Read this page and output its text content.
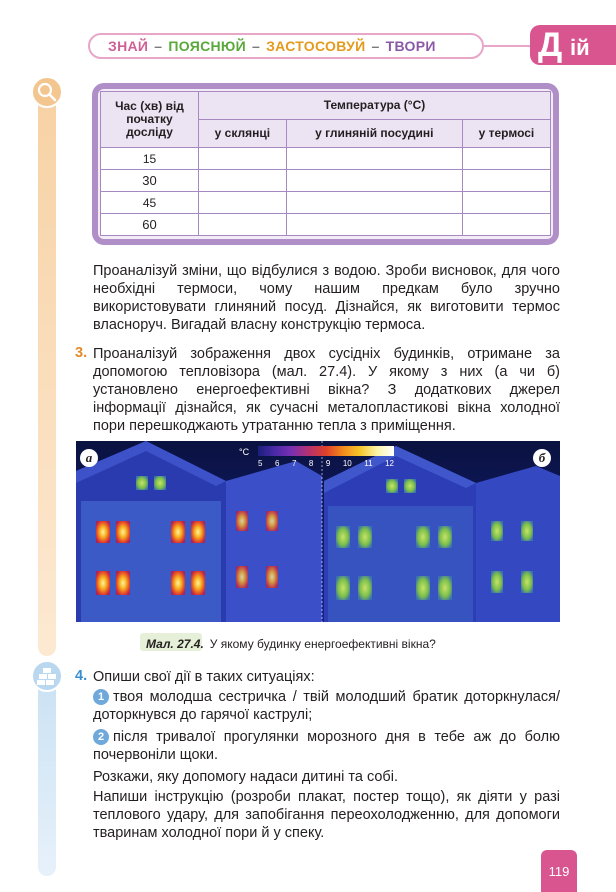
ЗНАЙ – ПОЯСНЮЙ – ЗАСТОСОВУЙ – ТВОРИ	Д ій
Час (хв) від початку досліду	Температура (°С)		
	у склянці	у глиняній посудині	у термосі
15			
30			
45			
60			
Проаналізуй зміни, що відбулися з водою. Зроби висновок, для чого необхідні термоси, чому нашим предкам було зручно використовувати глиняний посуд. Дізнайся, як виготовити термос власноруч. Вигадай власну конструкцію термоса.
3. Проаналізуй зображення двох сусідніх будинків, отримане за допомогою тепловізора (мал. 27.4). У якому з них (а чи б) установлено енергоефективні вікна? З додаткових джерел інформації дізнайся, як сучасні металопластикові вікна холодної пори перешкоджають утратанню тепла з приміщення.
а	б
°С
5 6 7 8 9 10 11 12
Мал. 27.4. У якому будинку енергоефективні вікна?
4. Опиши свої дії в таких ситуаціях:
1 твоя молодша сестричка / твій молодший братик доторкнулася/доторкнувся до гарячої каструлі;
2 після тривалої прогулянки морозного дня в тебе аж до болю почервоніли щоки.
Розкажи, яку допомогу надаси дитині та собі.
Напиши інструкцію (розроби плакат, постер тощо), як діяти у разі теплового удару, для запобігання переохолодженню, для допомоги тваринам холодної пори й у спеку.
119
